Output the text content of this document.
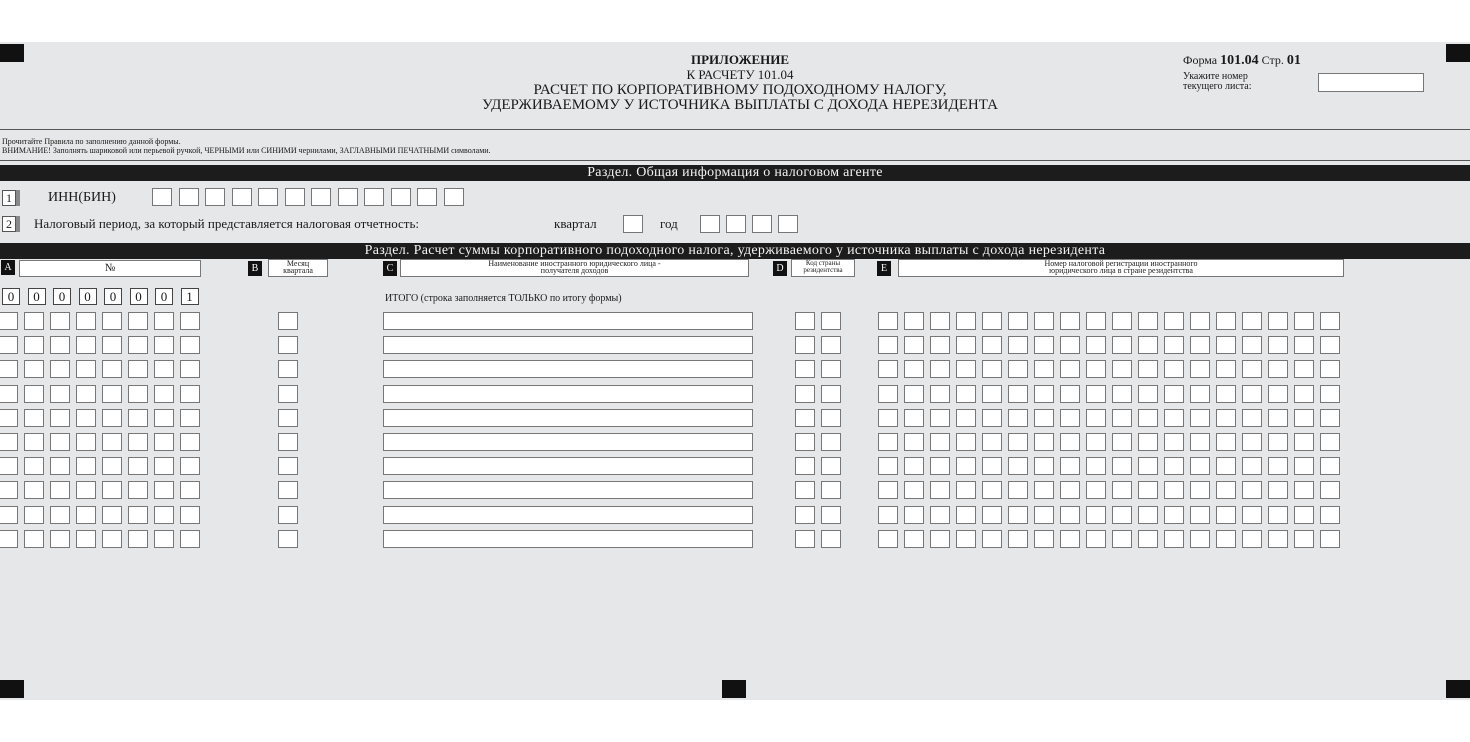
ПРИЛОЖЕНИЕ
К РАСЧЕТУ 101.04
РАСЧЕТ ПО КОРПОРАТИВНОМУ ПОДОХОДНОМУ НАЛОГУ,
УДЕРЖИВАЕМОМУ У ИСТОЧНИКА ВЫПЛАТЫ С ДОХОДА НЕРЕЗИДЕНТА
Форма 101.04 Стр. 01
Укажите номер
текущего листа:
Прочитайте Правила по заполнению данной формы.
ВНИМАНИЕ! Заполнять шариковой или перьевой ручкой, ЧЕРНЫМИ или СИНИМИ чернилами, ЗАГЛАВНЫМИ ПЕЧАТНЫМИ символами.
Раздел. Общая информация о налоговом агенте
1	ИНН(БИН)
2	Налоговый период, за который представляется налоговая отчетность:	квартал	год
Раздел. Расчет суммы корпоративного подоходного налога, удерживаемого у источника выплаты с дохода нерезидента
A	№	B	Месяц
квартала	C	Наименование иностранного юридического лица -
получателя доходов	D	Код страны
резидентства	E	Номер налоговой регистрации иностранного
юридического лица в стране резидентства
0	0	0	0	0	0	0	1	ИТОГО (строка заполняется ТОЛЬКО по итогу формы)
